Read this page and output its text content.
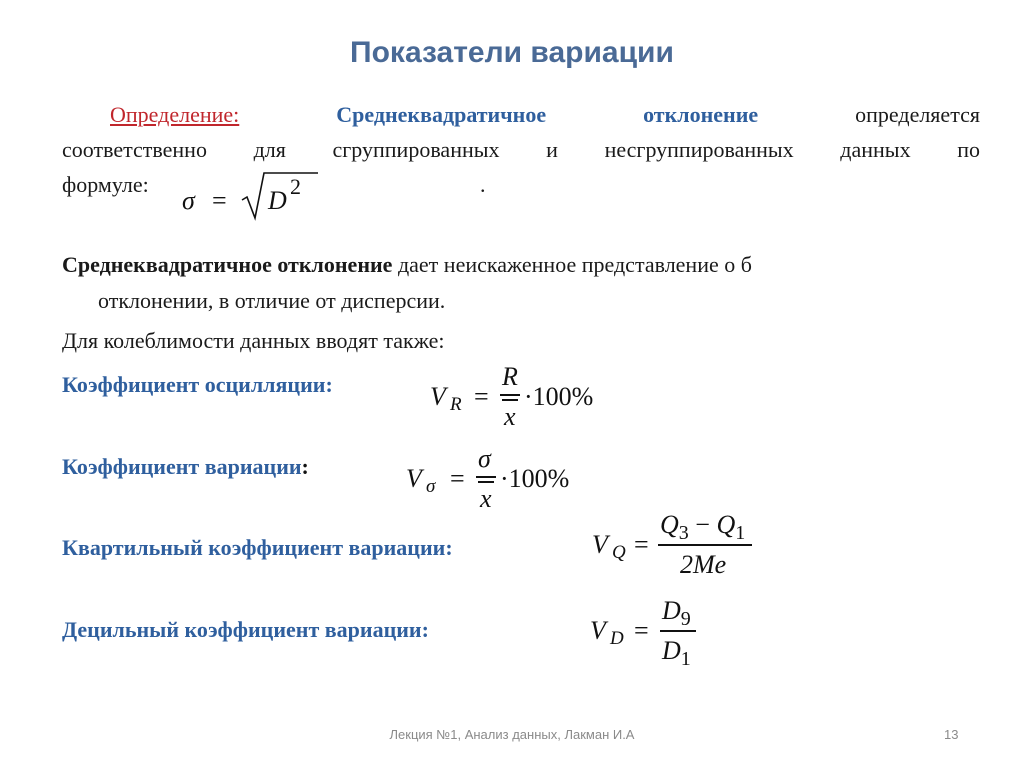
Показатели вариации
Определение:	Среднеквадратичное	отклонение	определяется
соответственно для сгруппированных и несгруппированных данных по
формуле:	.
σ = D 2
Среднеквадратичное отклонение дает неискаженное представление о б
отклонении, в отличие от дисперсии.
Для колеблимости данных вводят также:
Коэффициент осцилляции:	V R =
R
x
·100%
Коэффициент вариации:	V σ =
σ
x
·100%
Квартильный коэффициент вариации:	V Q =
Q3 − Q1
2Me
Децильный коэффициент вариации:	V D =
D9
D1
Лекция №1, Анализ данных, Лакман И.А	13
